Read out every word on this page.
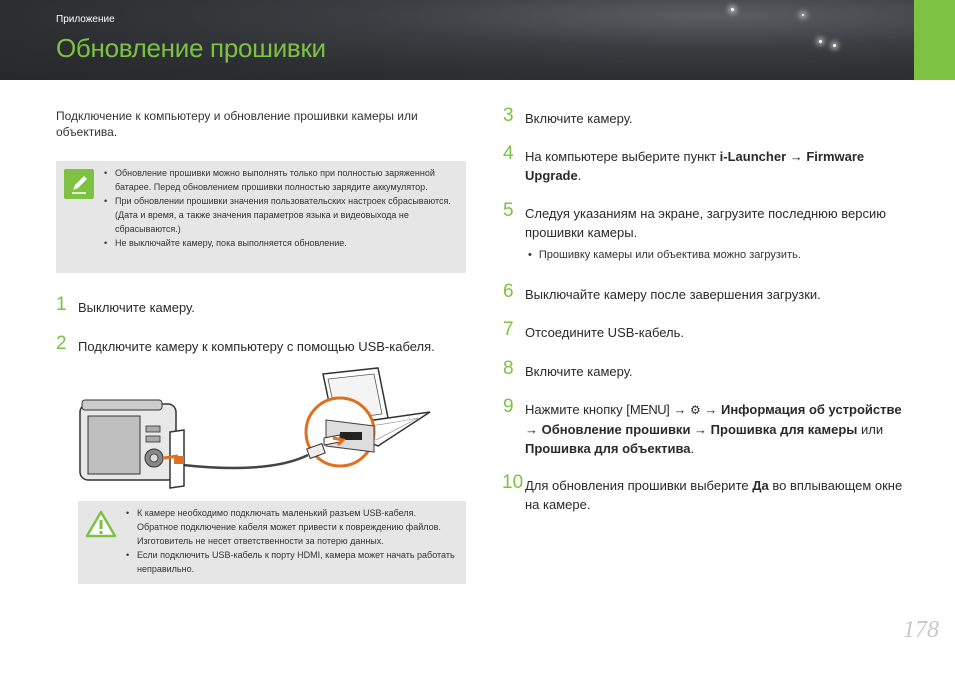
Приложение
Обновление прошивки
Подключение к компьютеру и обновление прошивки камеры или объектива.
• Обновление прошивки можно выполнять только при полностью заряженной батарее. Перед обновлением прошивки полностью зарядите аккумулятор.
• При обновлении прошивки значения пользовательских настроек сбрасываются. (Дата и время, а также значения параметров языка и видеовыхода не сбрасываются.)
• Не выключайте камеру, пока выполняется обновление.
1 Выключите камеру.
2 Подключите камеру к компьютеру с помощью USB-кабеля.
• К камере необходимо подключать маленький разъем USB-кабеля. Обратное подключение кабеля может привести к повреждению файлов. Изготовитель не несет ответственности за потерю данных.
• Если подключить USB-кабель к порту HDMI, камера может начать работать неправильно.
3 Включите камеру.
4 На компьютере выберите пункт i-Launcher → Firmware Upgrade.
5 Следуя указаниям на экране, загрузите последнюю версию прошивки камеры.
• Прошивку камеры или объектива можно загрузить.
6 Выключайте камеру после завершения загрузки.
7 Отсоедините USB-кабель.
8 Включите камеру.
9 Нажмите кнопку [MENU] → ⚙ → Информация об устройстве → Обновление прошивки → Прошивка для камеры или Прошивка для объектива.
10 Для обновления прошивки выберите Да во вплывающем окне на камере.
178
